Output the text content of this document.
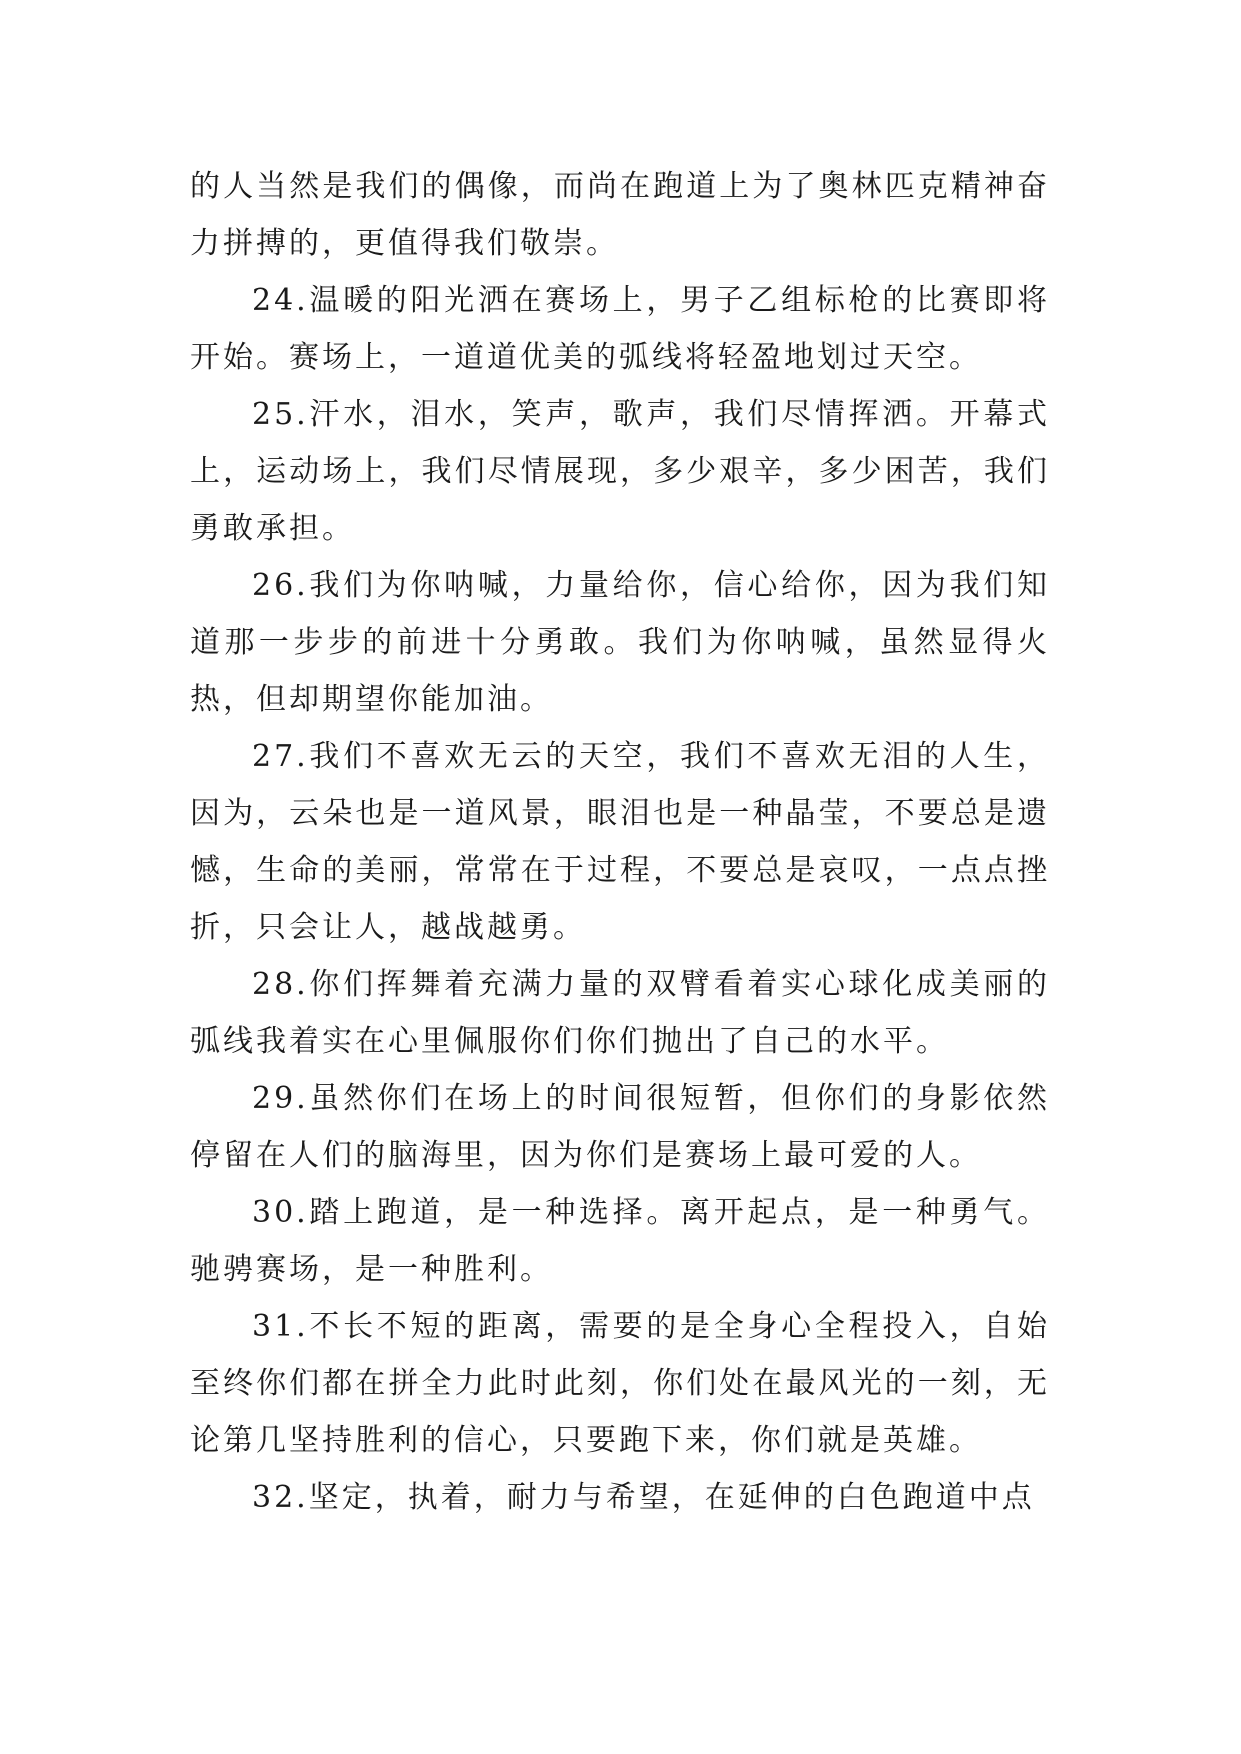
的人当然是我们的偶像，而尚在跑道上为了奥林匹克精神奋力拼搏的，更值得我们敬崇。

24.温暖的阳光洒在赛场上，男子乙组标枪的比赛即将开始。赛场上，一道道优美的弧线将轻盈地划过天空。

25.汗水，泪水，笑声，歌声，我们尽情挥洒。开幕式上，运动场上，我们尽情展现，多少艰辛，多少困苦，我们勇敢承担。

26.我们为你呐喊，力量给你，信心给你，因为我们知道那一步步的前进十分勇敢。我们为你呐喊，虽然显得火热，但却期望你能加油。

27.我们不喜欢无云的天空，我们不喜欢无泪的人生，因为，云朵也是一道风景，眼泪也是一种晶莹，不要总是遗憾，生命的美丽，常常在于过程，不要总是哀叹，一点点挫折，只会让人，越战越勇。

28.你们挥舞着充满力量的双臂看着实心球化成美丽的弧线我着实在心里佩服你们你们抛出了自己的水平。

29.虽然你们在场上的时间很短暂，但你们的身影依然停留在人们的脑海里，因为你们是赛场上最可爱的人。

30.踏上跑道，是一种选择。离开起点，是一种勇气。驰骋赛场，是一种胜利。

31.不长不短的距离，需要的是全身心全程投入，自始至终你们都在拼全力此时此刻，你们处在最风光的一刻，无论第几坚持胜利的信心，只要跑下来，你们就是英雄。

32.坚定，执着，耐力与希望，在延伸的白色跑道中点
